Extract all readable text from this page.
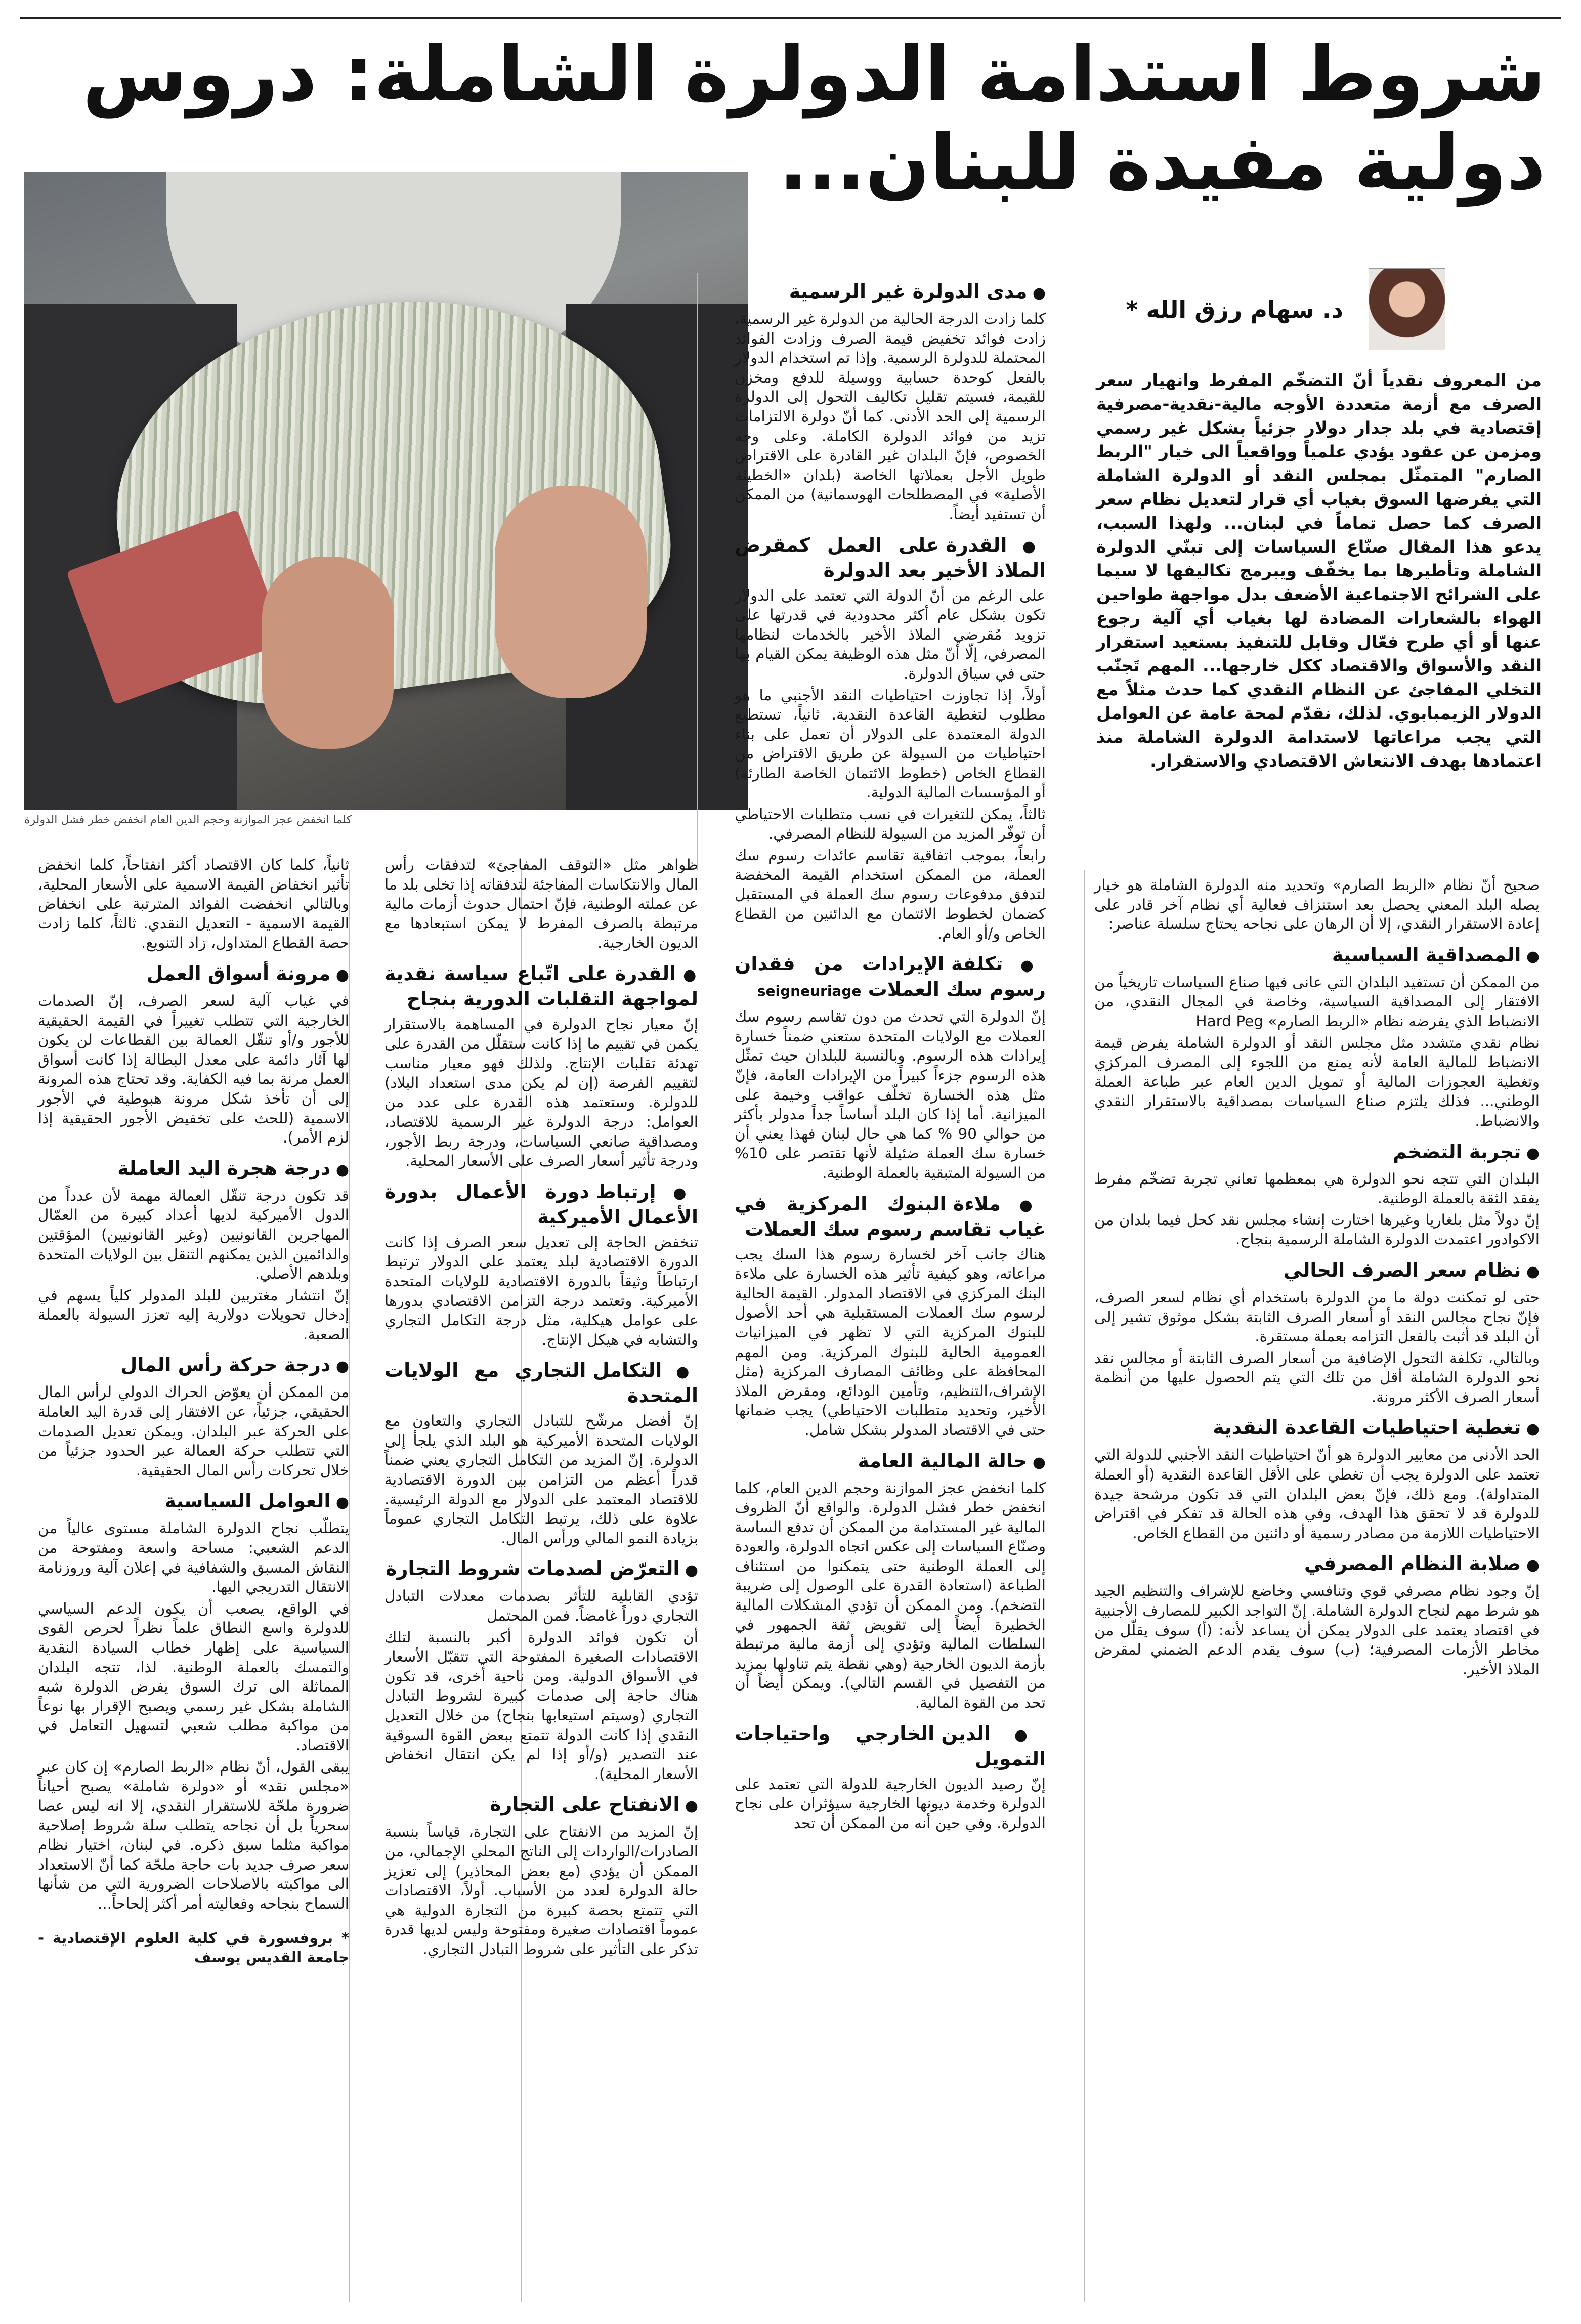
شروط استدامة الدولرة الشاملة: دروس دولية مفيدة للبنان...
كلما انخفض عجز الموازنة وحجم الدين العام انخفض خطر فشل الدولرة
د. سهام رزق الله *

من المعروف نقدياً أنّ التضخّم المفرط وانهيار سعر الصرف مع أزمة متعددة الأوجه مالية-نقدية-مصرفية إقتصادية في بلد جدار دولار جزئياً بشكل غير رسمي ومزمن عن عقود يؤدي علمياً وواقعياً الى خيار "الربط الصارم" المتمثّل بمجلس النقد أو الدولرة الشاملة التي يفرضها السوق بغياب أي قرار لتعديل نظام سعر الصرف كما حصل تماماً في لبنان... ولهذا السبب، يدعو هذا المقال صنّاع السياسات إلى تبنّي الدولرة الشاملة وتأطيرها بما يخفّف ويبرمج تكاليفها لا سيما على الشرائح الاجتماعية الأضعف بدل مواجهة طواحين الهواء بالشعارات المضادة لها بغياب أي آلية رجوع عنها أو أي طرح فعّال وقابل للتنفيذ بستعيد استقرار النقد والأسواق والاقتصاد ككل خارجها... المهم تَجنّب التخلي المفاجئ عن النظام النقدي كما حدث مثلاً مع الدولار الزيمبابوي. لذلك، نقدّم لمحة عامة عن العوامل التي يجب مراعاتها لاستدامة الدولرة الشاملة منذ اعتمادها بهدف الانتعاش الاقتصادي والاستقرار.

صحيح أنّ نظام «الربط الصارم» وتحديد منه الدولرة الشاملة هو خيار يصله البلد المعني يحصل بعد استنزاف فعالية أي نظام آخر قادر على إعادة الاستقرار النقدي، إلا أن الرهان على نجاحه يحتاج سلسلة عناصر:

● المصداقية السياسية

من الممكن أن تستفيد البلدان التي عانى فيها صناع السياسات تاريخياً من الافتقار إلى المصداقية السياسية، وخاصة في المجال النقدي، من الانضباط الذي يفرضه نظام «الربط الصارم» Hard Peg

نظام نقدي متشدد مثل مجلس النقد أو الدولرة الشاملة يفرض قيمة الانضباط للمالية العامة لأنه يمنع من اللجوء إلى المصرف المركزي وتغطية العجوزات المالية أو تمويل الدين العام عبر طباعة العملة الوطني... فذلك يلتزم صناع السياسات بمصداقية بالاستقرار النقدي والانضباط.

● تجربة التضخم

البلدان التي تتجه نحو الدولرة هي بمعظمها تعاني تجربة تضخّم مفرط يفقد الثقة بالعملة الوطنية.

إنّ دولاً مثل بلغاريا وغيرها اختارت إنشاء مجلس نقد كحل فيما بلدان من الاكوادور اعتمدت الدولرة الشاملة الرسمية بنجاح.

● نظام سعر الصرف الحالي

حتى لو تمكنت دولة ما من الدولرة باستخدام أي نظام لسعر الصرف، فإنّ نجاح مجالس النقد أو أسعار الصرف الثابتة بشكل موثوق تشير إلى أن البلد قد أثبت بالفعل التزامه بعملة مستقرة.

وبالتالي، تكلفة التحول الإضافية من أسعار الصرف الثابتة أو مجالس نقد نحو الدولرة الشاملة أقل من تلك التي يتم الحصول عليها من أنظمة أسعار الصرف الأكثر مرونة.

● تغطية احتياطيات القاعدة النقدية

الحد الأدنى من معايير الدولرة هو أنّ احتياطيات النقد الأجنبي للدولة التي تعتمد على الدولرة يجب أن تغطي على الأقل القاعدة النقدية (أو العملة المتداولة). ومع ذلك، فإنّ بعض البلدان التي قد تكون مرشحة جيدة للدولرة قد لا تحقق هذا الهدف، وفي هذه الحالة قد تفكر في اقتراض الاحتياطيات اللازمة من مصادر رسمية أو دائنين من القطاع الخاص.

● صلابة النظام المصرفي

إنّ وجود نظام مصرفي قوي وتنافسي وخاضع للإشراف والتنظيم الجيد هو شرط مهم لنجاح الدولرة الشاملة. إنّ التواجد الكبير للمصارف الأجنبية في اقتصاد يعتمد على الدولار يمكن أن يساعد لأنه: (أ) سوف يقلّل من مخاطر الأزمات المصرفية؛ (ب) سوف يقدم الدعم الضمني لمقرض الملاذ الأخير.

● مدى الدولرة غير الرسمية

كلما زادت الدرجة الحالية من الدولرة غير الرسمية، زادت فوائد تخفيض قيمة الصرف وزادت الفوائد المحتملة للدولرة الرسمية. وإذا تم استخدام الدولار بالفعل كوحدة حسابية ووسيلة للدفع ومخزن للقيمة، فسيتم تقليل تكاليف التحول إلى الدولرة الرسمية إلى الحد الأدنى. كما أنّ دولرة الالتزامات تزيد من فوائد الدولرة الكاملة. وعلى وجه الخصوص، فإنّ البلدان غير القادرة على الاقتراض طويل الأجل بعملاتها الخاصة (بلدان «الخطيئة الأصلية» في المصطلحات الهوسمانية) من الممكن أن تستفيد أيضاً.

● القدرة على العمل كمقرض الملاذ الأخير بعد الدولرة

على الرغم من أنّ الدولة التي تعتمد على الدولار تكون بشكل عام أكثر محدودية في قدرتها على تزويد مُقرضي الملاذ الأخير بالخدمات لنظامها المصرفي، إلّا أنّ مثل هذه الوظيفة يمكن القيام بها حتى في سياق الدولرة.

أولاً، إذا تجاوزت احتياطيات النقد الأجنبي ما هو مطلوب لتغطية القاعدة النقدية. ثانياً، تستطيع الدولة المعتمدة على الدولار أن تعمل على بناء احتياطيات من السيولة عن طريق الاقتراض من القطاع الخاص (خطوط الائتمان الخاصة الطارئة) أو المؤسسات المالية الدولية.

ثالثاً، يمكن للتغيرات في نسب متطلبات الاحتياطي أن توفّر المزيد من السيولة للنظام المصرفي.

رابعاً، بموجب اتفاقية تقاسم عائدات رسوم سك العملة، من الممكن استخدام القيمة المخفضة لتدفق مدفوعات رسوم سك العملة في المستقبل كضمان لخطوط الائتمان مع الدائنين من القطاع الخاص و/أو العام.

● تكلفة الإيرادات من فقدان رسوم سك العملات seigneuriage

إنّ الدولرة التي تحدث من دون تقاسم رسوم سك العملات مع الولايات المتحدة ستعني ضمناً خسارة إيرادات هذه الرسوم. وبالنسبة للبلدان حيث تمثّل هذه الرسوم جزءاً كبيراً من الإيرادات العامة، فإنّ مثل هذه الخسارة تخلّف عواقب وخيمة على الميزانية. أما إذا كان البلد أساساً جداً مدولر بأكثر من حوالي 90 % كما هي حال لبنان فهذا يعني أن خسارة سك العملة ضئيلة لأنها تقتصر على 10% من السيولة المتبقية بالعملة الوطنية.

● ملاءة البنوك المركزية في غياب تقاسم رسوم سك العملات

هناك جانب آخر لخسارة رسوم هذا السك يجب مراعاته، وهو كيفية تأثير هذه الخسارة على ملاءة البنك المركزي في الاقتصاد المدولر. القيمة الحالية لرسوم سك العملات المستقبلية هي أحد الأصول للبنوك المركزية التي لا تظهر في الميزانيات العمومية الحالية للبنوك المركزية. ومن المهم المحافظة على وظائف المصارف المركزية (مثل الإشراف،التنظيم، وتأمين الودائع، ومقرض الملاذ الأخير، وتحديد متطلبات الاحتياطي) يجب ضمانها حتى في الاقتصاد المدولر بشكل شامل.

● حالة المالية العامة

كلما انخفض عجز الموازنة وحجم الدين العام، كلما انخفض خطر فشل الدولرة. والواقع أنّ الظروف المالية غير المستدامة من الممكن أن تدفع الساسة وصنّاع السياسات إلى عكس اتجاه الدولرة، والعودة إلى العملة الوطنية حتى يتمكنوا من استئناف الطباعة (استعادة القدرة على الوصول إلى ضريبة التضخم). ومن الممكن أن تؤدي المشكلات المالية الخطيرة أيضاً إلى تقويض ثقة الجمهور في السلطات المالية وتؤدي إلى أزمة مالية مرتبطة بأزمة الديون الخارجية (وهي نقطة يتم تناولها بمزيد من التفصيل في القسم التالي). ويمكن أيضاً أن تحد من القوة المالية.

● الدين الخارجي واحتياجات التمويل

إنّ رصيد الديون الخارجية للدولة التي تعتمد على الدولرة وخدمة ديونها الخارجية سيؤثران على نجاح الدولرة. وفي حين أنه من الممكن أن تحد

ظواهر مثل «التوقف المفاجئ» لتدفقات رأس المال والانتكاسات المفاجئة لتدفقاته إذا تخلى بلد ما عن عملته الوطنية، فإنّ احتمال حدوث أزمات مالية مرتبطة بالصرف المفرط لا يمكن استبعادها مع الديون الخارجية.

● القدرة على اتّباع سياسة نقدية لمواجهة التقلبات الدورية بنجاح

إنّ معيار نجاح الدولرة في المساهمة بالاستقرار يكمن في تقييم ما إذا كانت ستقلّل من القدرة على تهدئة تقلبات الإنتاج. ولذلك فهو معيار مناسب لتقييم الفرصة (إن لم يكن مدى استعداد البلاد) للدولرة. وستعتمد هذه القدرة على عدد من العوامل: درجة الدولرة غير الرسمية للاقتصاد، ومصداقية صانعي السياسات، ودرجة ربط الأجور، ودرجة تأثير أسعار الصرف على الأسعار المحلية.

● إرتباط دورة الأعمال بدورة الأعمال الأميركية

تنخفض الحاجة إلى تعديل سعر الصرف إذا كانت الدورة الاقتصادية لبلد يعتمد على الدولار ترتبط ارتباطاً وثيقاً بالدورة الاقتصادية للولايات المتحدة الأميركية. وتعتمد درجة التزامن الاقتصادي بدورها على عوامل هيكلية، مثل درجة التكامل التجاري والتشابه في هيكل الإنتاج.

● التكامل التجاري مع الولايات المتحدة

إنّ أفضل مرشّح للتبادل التجاري والتعاون مع الولايات المتحدة الأميركية هو البلد الذي يلجأ إلى الدولرة. إنّ المزيد من التكامل التجاري يعني ضمناً قدراً أعظم من التزامن بين الدورة الاقتصادية للاقتصاد المعتمد على الدولار مع الدولة الرئيسية. علاوة على ذلك، يرتبط التكامل التجاري عموماً بزيادة النمو المالي ورأس المال.

● التعرّض لصدمات شروط التجارة

تؤدي القابلية للتأثر بصدمات معدلات التبادل التجاري دوراً غامضاً. فمن المحتمل

أن تكون فوائد الدولرة أكبر بالنسبة لتلك الاقتصادات الصغيرة المفتوحة التي تتقبّل الأسعار في الأسواق الدولية. ومن ناحية أخرى، قد تكون هناك حاجة إلى صدمات كبيرة لشروط التبادل التجاري (وسيتم استيعابها بنجاح) من خلال التعديل النقدي إذا كانت الدولة تتمتع ببعض القوة السوقية عند التصدير (و/أو إذا لم يكن انتقال انخفاض الأسعار المحلية).

● الانفتاح على التجارة

إنّ المزيد من الانفتاح على التجارة، قياساً بنسبة الصادرات/الواردات إلى الناتج المحلي الإجمالي، من الممكن أن يؤدي (مع بعض المحاذير) إلى تعزيز حالة الدولرة لعدد من الأسباب. أولاً، الاقتصادات التي تتمتع بحصة كبيرة من التجارة الدولية هي عموماً اقتصادات صغيرة ومفتوحة وليس لديها قدرة تذكر على التأثير على شروط التبادل التجاري.

ثانياً، كلما كان الاقتصاد أكثر انفتاحاً، كلما انخفض تأثير انخفاض القيمة الاسمية على الأسعار المحلية، وبالتالي انخفضت الفوائد المترتبة على انخفاض القيمة الاسمية - التعديل النقدي. ثالثاً، كلما زادت حصة القطاع المتداول، زاد التنويع.

● مرونة أسواق العمل

في غياب آلية لسعر الصرف، إنّ الصدمات الخارجية التي تتطلب تغييراً في القيمة الحقيقية للأجور و/أو تنقّل العمالة بين القطاعات لن يكون لها آثار دائمة على معدل البطالة إذا كانت أسواق العمل مرنة بما فيه الكفاية. وقد تحتاج هذه المرونة إلى أن تأخذ شكل مرونة هبوطية في الأجور الاسمية (للحث على تخفيض الأجور الحقيقية إذا لزم الأمر).

● درجة هجرة اليد العاملة

قد تكون درجة تنقّل العمالة مهمة لأن عدداً من الدول الأميركية لديها أعداد كبيرة من العمّال المهاجرين القانونيين (وغير القانونيين) المؤقتين والدائمين الذين يمكنهم التنقل بين الولايات المتحدة وبلدهم الأصلي.

إنّ انتشار مغتربين للبلد المدولر كلياً يسهم في إدخال تحويلات دولارية إليه تعزز السيولة بالعملة الصعبة.

● درجة حركة رأس المال

من الممكن أن يعوّض الحراك الدولي لرأس المال الحقيقي، جزئياً، عن الافتقار إلى قدرة اليد العاملة على الحركة عبر البلدان. ويمكن تعديل الصدمات التي تتطلب حركة العمالة عبر الحدود جزئياً من خلال تحركات رأس المال الحقيقية.

● العوامل السياسية

يتطلّب نجاح الدولرة الشاملة مستوى عالياً من الدعم الشعبي: مساحة واسعة ومفتوحة من النقاش المسبق والشفافية في إعلان آلية وروزنامة الانتقال التدريجي اليها.

في الواقع، يصعب أن يكون الدعم السياسي للدولرة واسع النطاق علماً نظراً لحرص القوى السياسية على إظهار خطاب السيادة النقدية والتمسك بالعملة الوطنية. لذا، تتجه البلدان المماثلة الى ترك السوق يفرض الدولرة شبه الشاملة بشكل غير رسمي ويصبح الإقرار بها نوعاً من مواكبة مطلب شعبي لتسهيل التعامل في الاقتصاد.

يبقى القول، أنّ نظام «الربط الصارم» إن كان عبر «مجلس نقد» أو «دولرة شاملة» يصبح أحياناً ضرورة ملحّة للاستقرار النقدي، إلا انه ليس عصا سحرياً بل أن نجاحه يتطلب سلة شروط إصلاحية مواكبة مثلما سبق ذكره. في لبنان، اختيار نظام سعر صرف جديد بات حاجة ملحّة كما أنّ الاستعداد الى مواكبته بالاصلاحات الضرورية التي من شأنها السماح بنجاحه وفعاليته أمر أكثر إلحاحاً...

* بروفسورة في كلية العلوم الإقتصادية - جامعة القديس يوسف
